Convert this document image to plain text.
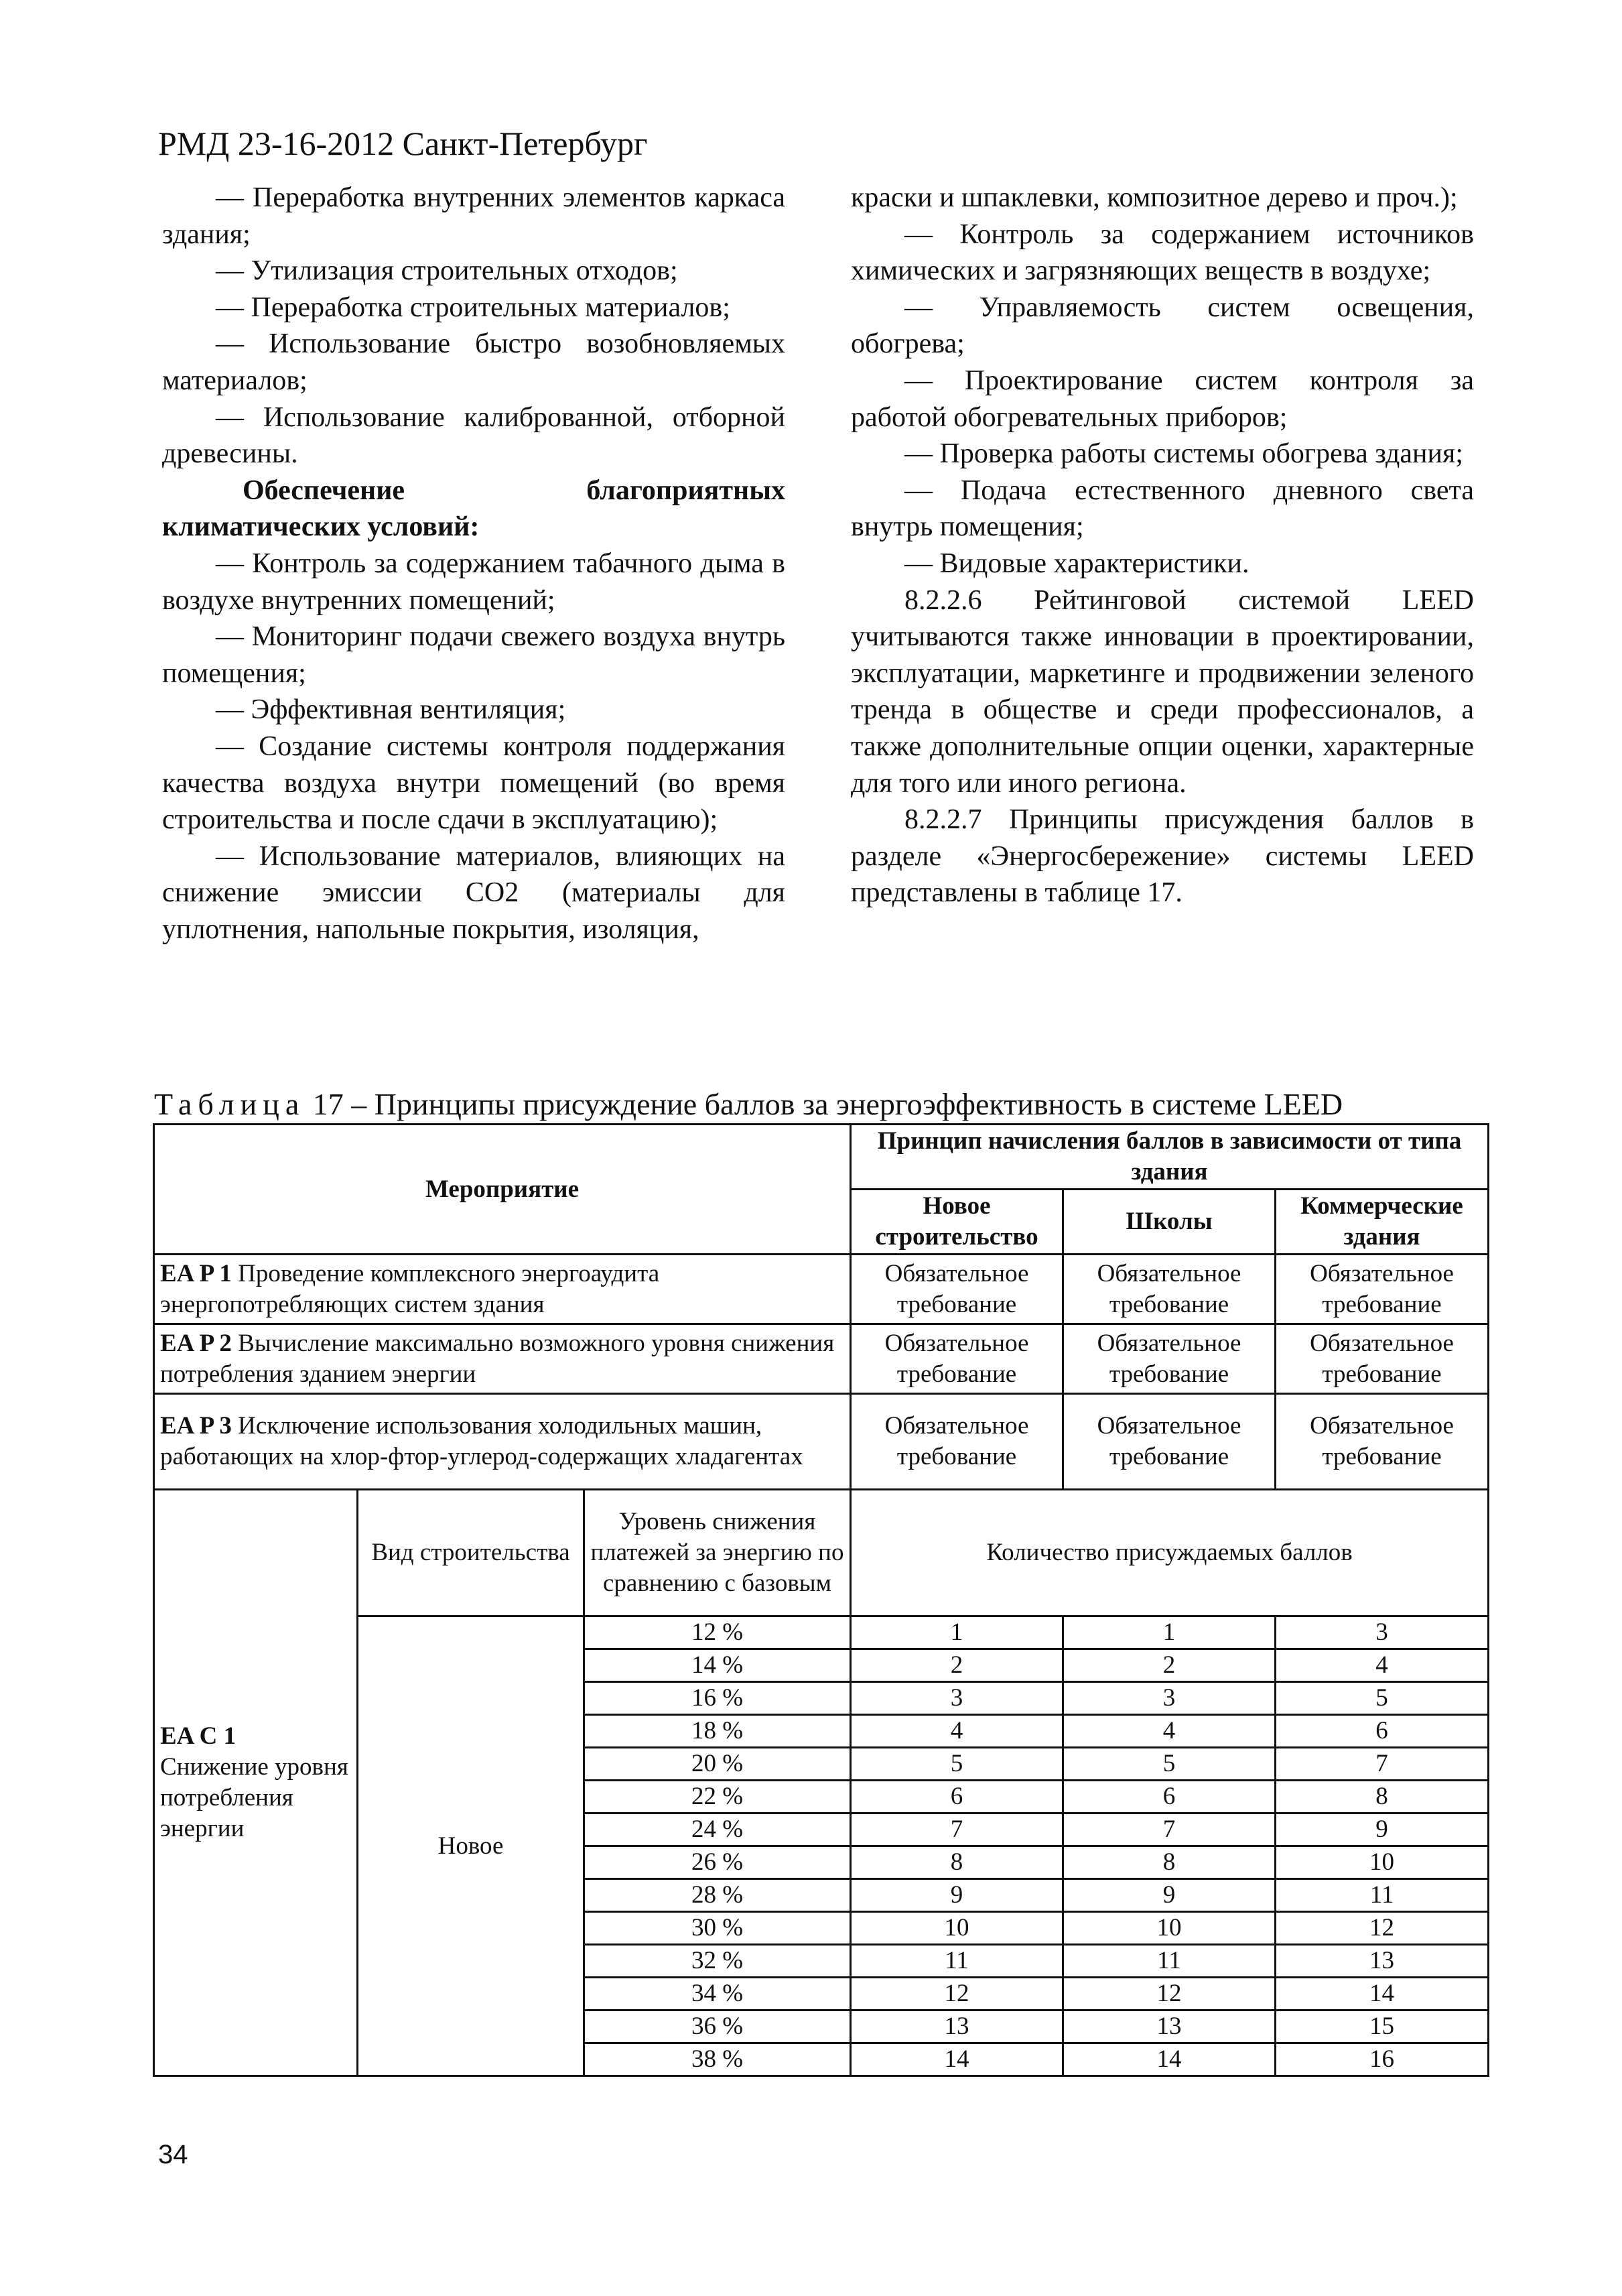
РМД 23-16-2012 Санкт-Петербург

— Переработка внутренних элементов каркаса здания;

— Утилизация строительных отходов;

— Переработка строительных материалов;

— Использование быстро возобновляемых материалов;

— Использование калиброванной, отборной древесины.

Обеспечение благоприятных климатических условий:

— Контроль за содержанием табачного дыма в воздухе внутренних помещений;

— Мониторинг подачи свежего воздуха внутрь помещения;

— Эффективная вентиляция;

— Создание системы контроля поддержания качества воздуха внутри помещений (во время строительства и после сдачи в эксплуатацию);

— Использование материалов, влияющих на снижение эмиссии CO2 (материалы для уплотнения, напольные покрытия, изоляция,

краски и шпаклевки, композитное дерево и проч.);

— Контроль за содержанием источников химических и загрязняющих веществ в воздухе;

— Управляемость систем освещения, обогрева;

— Проектирование систем контроля за работой обогревательных приборов;

— Проверка работы системы обогрева здания;

— Подача естественного дневного света внутрь помещения;

— Видовые характеристики.

8.2.2.6 Рейтинговой системой LEED учитываются также инновации в проектировании, эксплуатации, маркетинге и продвижении зеленого тренда в обществе и среди профессионалов, а также дополнительные опции оценки, характерные для того или иного региона.

8.2.2.7 Принципы присуждения баллов в разделе «Энергосбережение» системы LEED представлены в таблице 17.

Таблица 17 – Принципы присуждение баллов за энергоэффективность в системе LEED
Мероприятие			Принцип начисления баллов в зависимости от типа здания		
			Новое строительство	Школы	Коммерческие здания
EA P 1 Проведение комплексного энергоаудита энергопотребляющих систем здания			Обязательное требование	Обязательное требование	Обязательное требование
EA P 2 Вычисление максимально возможного уровня снижения потребления зданием энергии			Обязательное требование	Обязательное требование	Обязательное требование
EA P 3 Исключение использования холодильных машин, работающих на хлор-фтор-углерод-содержащих хладагентах			Обязательное требование	Обязательное требование	Обязательное требование

EA C 1
Снижение уровня потребления энергии	Вид строительства	Уровень снижения платежей за энергию по сравнению с базовым	Количество присуждаемых баллов		
	Новое	12 %	1	1	3
		14 %	2	2	4
		16 %	3	3	5
		18 %	4	4	6
		20 %	5	5	7
		22 %	6	6	8
		24 %	7	7	9
		26 %	8	8	10
		28 %	9	9	11
		30 %	10	10	12
		32 %	11	11	13
		34 %	12	12	14
		36 %	13	13	15
		38 %	14	14	16
34
